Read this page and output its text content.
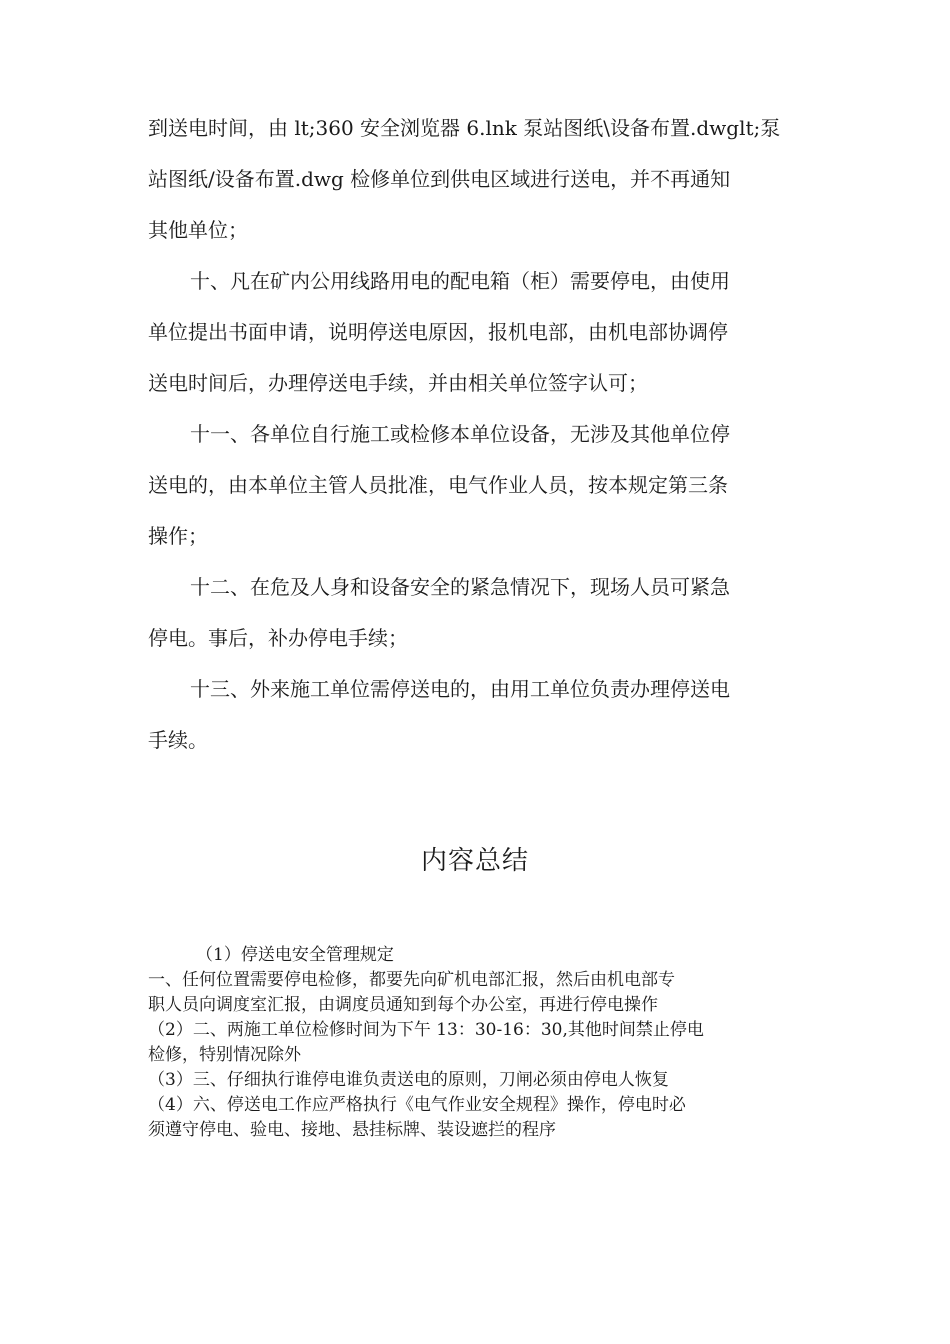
到送电时间，由 lt;360 安全浏览器 6.lnk 泵站图纸\设备布置.dwglt;泵
站图纸/设备布置.dwg 检修单位到供电区域进行送电，并不再通知
其他单位；
十、凡在矿内公用线路用电的配电箱（柜）需要停电，由使用
单位提出书面申请，说明停送电原因，报机电部，由机电部协调停
送电时间后，办理停送电手续，并由相关单位签字认可；
十一、各单位自行施工或检修本单位设备，无涉及其他单位停
送电的，由本单位主管人员批准，电气作业人员，按本规定第三条
操作；
十二、在危及人身和设备安全的紧急情况下，现场人员可紧急
停电。事后，补办停电手续；
十三、外来施工单位需停送电的，由用工单位负责办理停送电
手续。
内容总结
（1）停送电安全管理规定
一、任何位置需要停电检修，都要先向矿机电部汇报，然后由机电部专
职人员向调度室汇报，由调度员通知到每个办公室，再进行停电操作
（2）二、两施工单位检修时间为下午 13：30-16：30,其他时间禁止停电
检修，特别情况除外
（3）三、仔细执行谁停电谁负责送电的原则，刀闸必须由停电人恢复
（4）六、停送电工作应严格执行《电气作业安全规程》操作，停电时必
须遵守停电、验电、接地、悬挂标牌、装设遮拦的程序
